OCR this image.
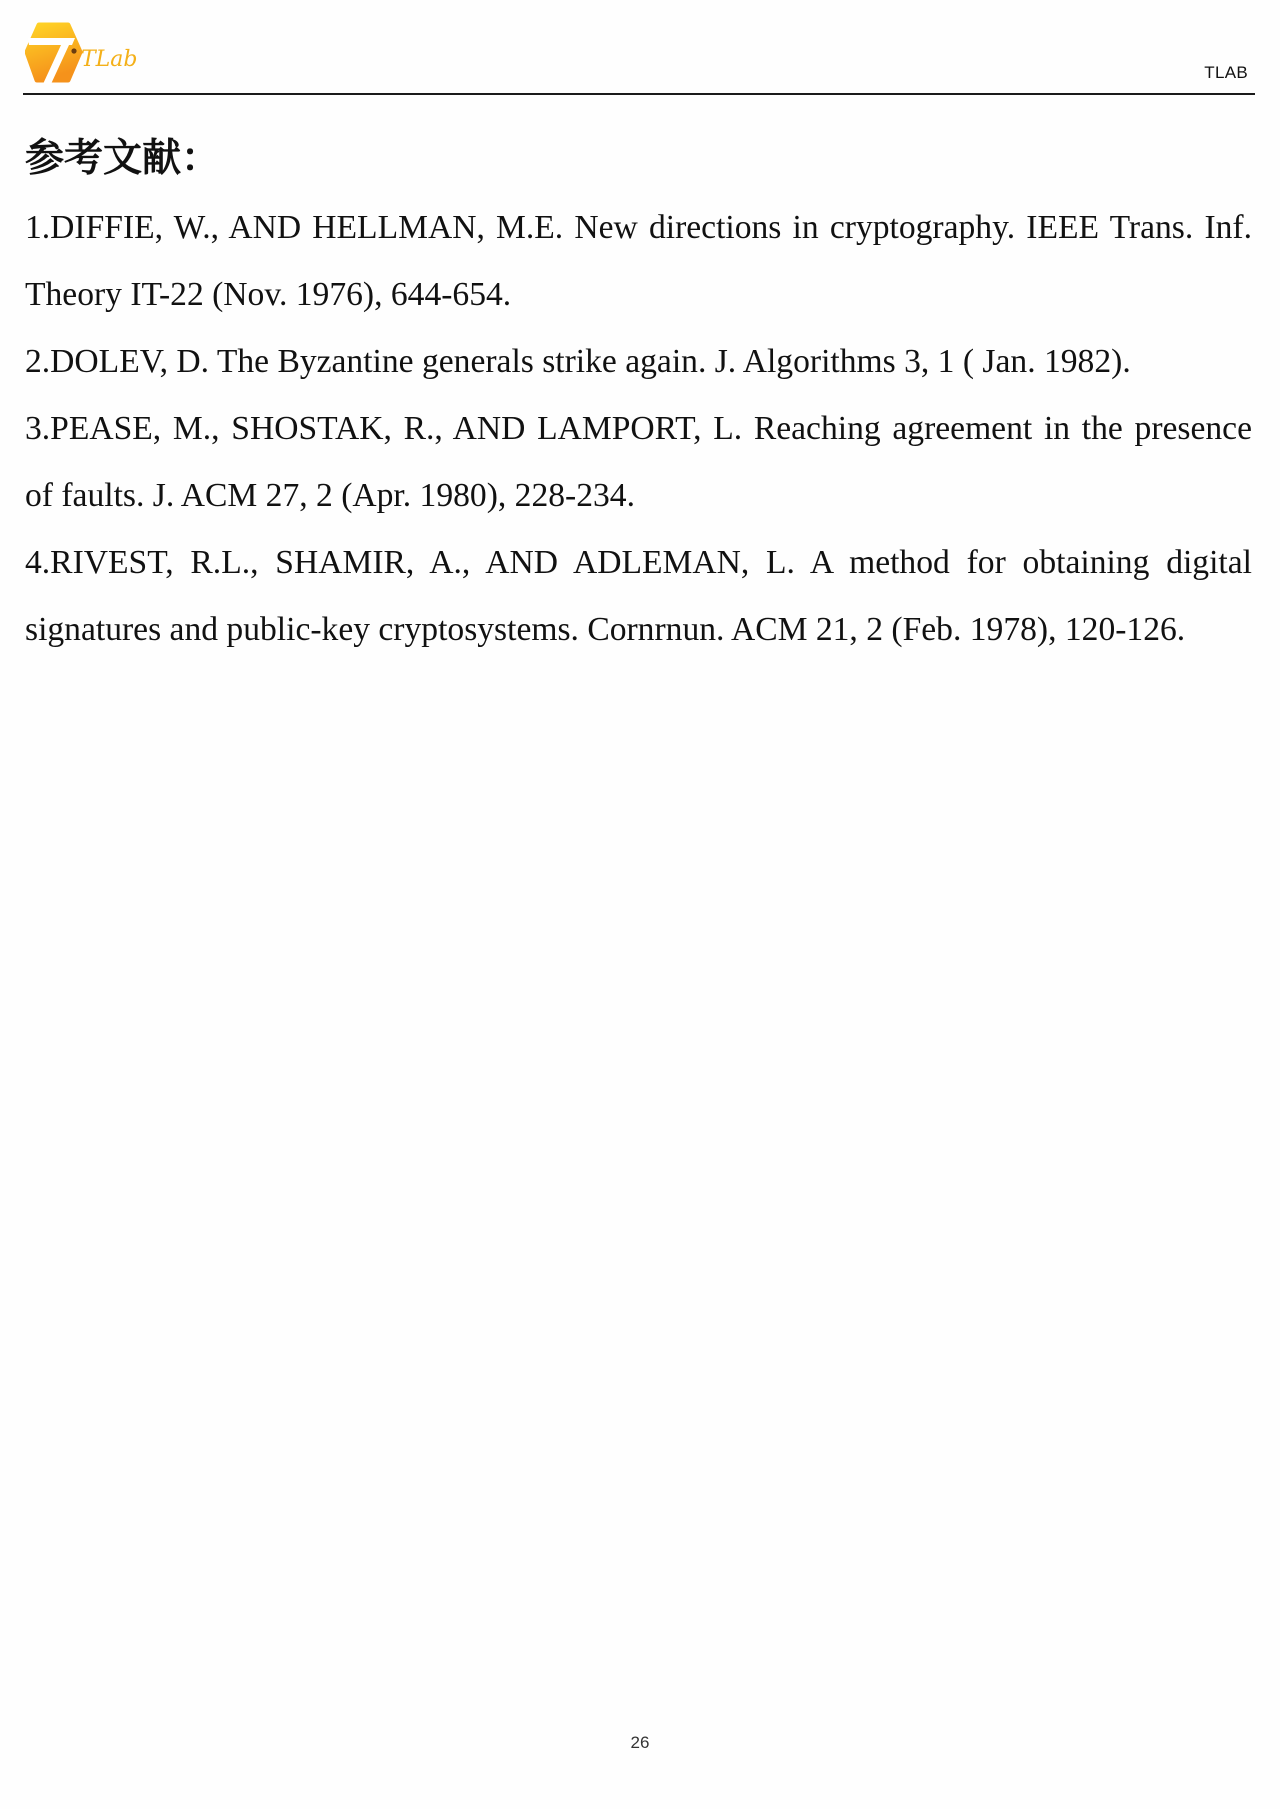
TLab
TLAB
参考文献：
1.DIFFIE, W., AND HELLMAN, M.E. New directions in cryptography. IEEE Trans. Inf.
Theory IT-22 (Nov. 1976), 644-654.
2.DOLEV, D. The Byzantine generals strike again. J. Algorithms 3, 1 ( Jan. 1982).
3.PEASE, M., SHOSTAK, R., AND LAMPORT, L. Reaching agreement in the presence
of faults. J. ACM 27, 2 (Apr. 1980), 228-234.
4.RIVEST, R.L., SHAMIR, A., AND ADLEMAN, L. A method for obtaining digital
signatures and public-key cryptosystems. Cornrnun. ACM 21, 2 (Feb. 1978), 120-126.
26
